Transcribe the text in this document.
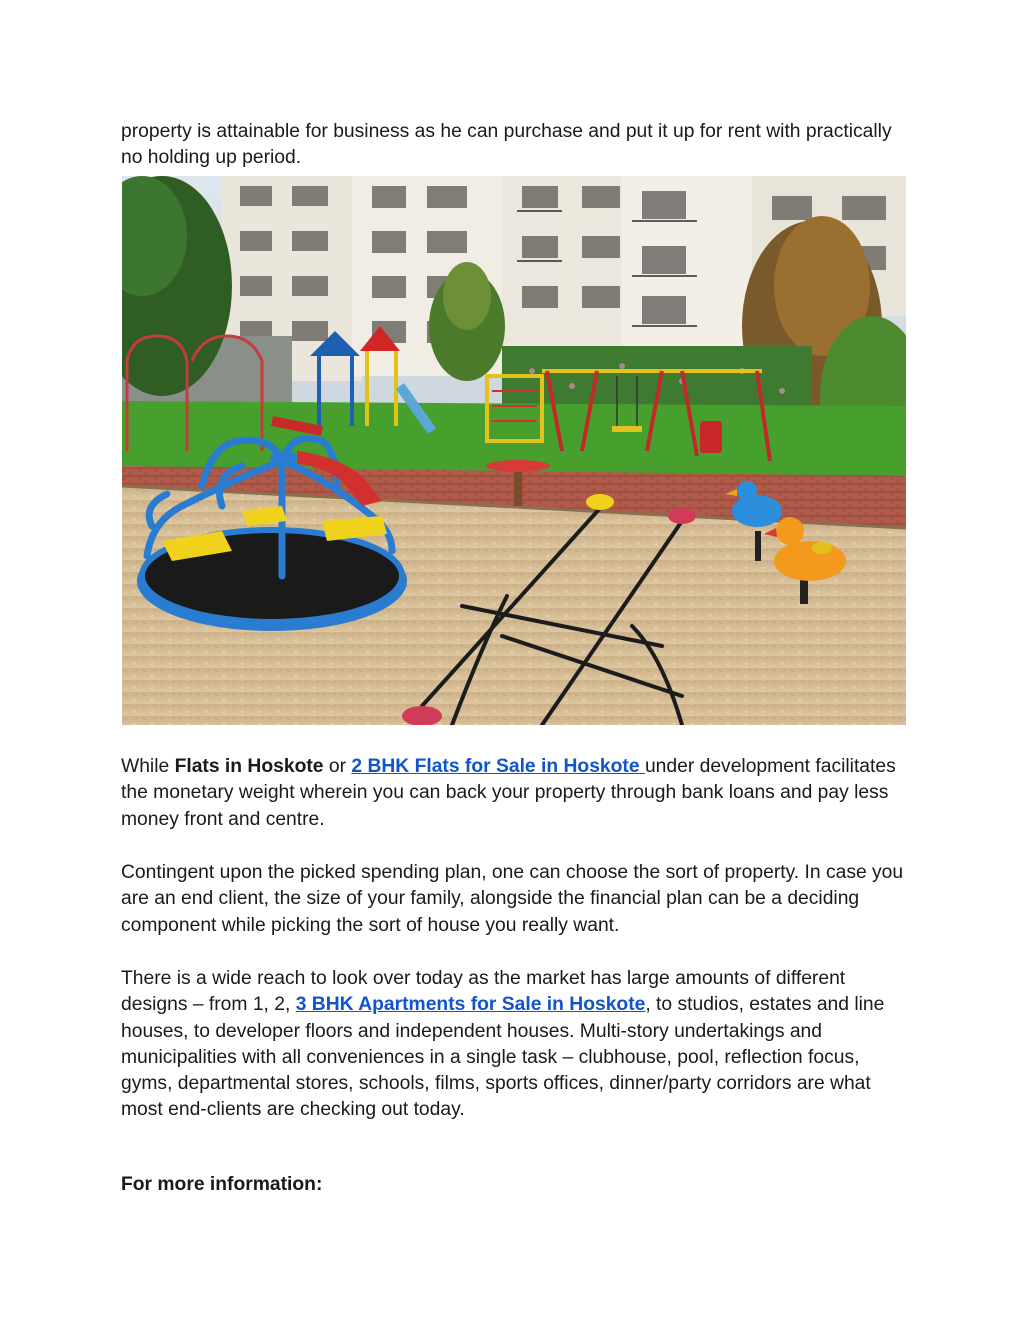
property is attainable for business as he can purchase and put it up for rent with practically no holding up period.

While Flats in Hoskote or 2 BHK Flats for Sale in Hoskote under development facilitates the monetary weight wherein you can back your property through bank loans and pay less money front and centre.

Contingent upon the picked spending plan, one can choose the sort of property. In case you are an end client, the size of your family, alongside the financial plan can be a deciding component while picking the sort of house you really want.

There is a wide reach to look over today as the market has large amounts of different designs – from 1, 2, 3 BHK Apartments for Sale in Hoskote, to studios, estates and line houses, to developer floors and independent houses. Multi-story undertakings and municipalities with all conveniences in a single task – clubhouse, pool, reflection focus, gyms, departmental stores, schools, films, sports offices, dinner/party corridors are what most end-clients are checking out today.

For more information:
